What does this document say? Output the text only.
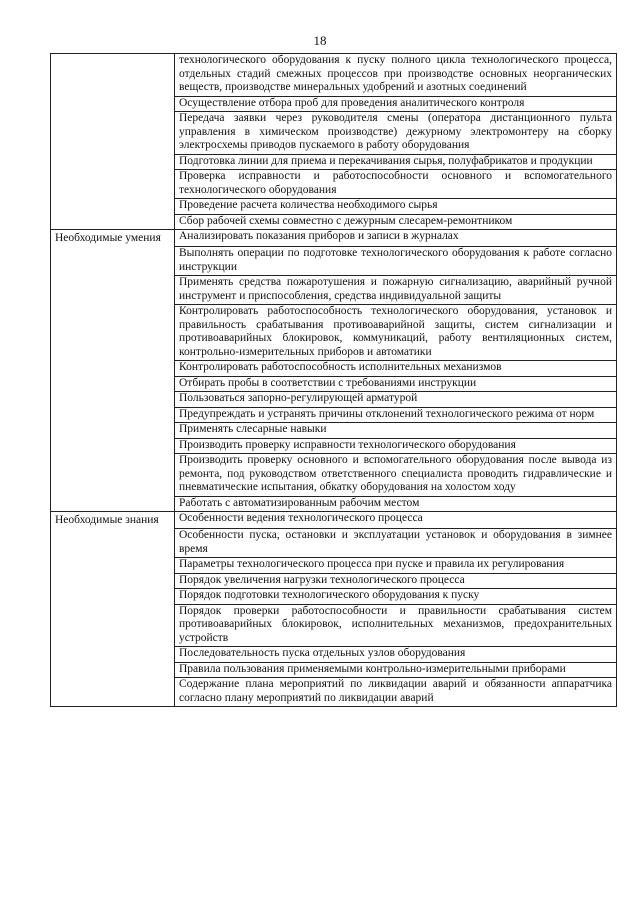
18
	технологического оборудования к пуску полного цикла технологического процесса, отдельных стадий смежных процессов при производстве основных неорганических веществ, производстве минеральных удобрений и азотных соединений
	Осуществление отбора проб для проведения аналитического контроля
	Передача заявки через руководителя смены (оператора дистанционного пульта управления в химическом производстве) дежурному электромонтеру на сборку электросхемы приводов пускаемого в работу оборудования
	Подготовка линии для приема и перекачивания сырья, полуфабрикатов и продукции
	Проверка исправности и работоспособности основного и вспомогательного технологического оборудования
	Проведение расчета количества необходимого сырья
	Сбор рабочей схемы совместно с дежурным слесарем-ремонтником
Необходимые умения	Анализировать показания приборов и записи в журналах
	Выполнять операции по подготовке технологического оборудования к работе согласно инструкции
	Применять средства пожаротушения и пожарную сигнализацию, аварийный ручной инструмент и приспособления, средства индивидуальной защиты
	Контролировать работоспособность технологического оборудования, установок и правильность срабатывания противоаварийной защиты, систем сигнализации и противоаварийных блокировок, коммуникаций, работу вентиляционных систем, контрольно-измерительных приборов и автоматики
	Контролировать работоспособность исполнительных механизмов
	Отбирать пробы в соответствии с требованиями инструкции
	Пользоваться запорно-регулирующей арматурой
	Предупреждать и устранять причины отклонений технологического режима от норм
	Применять слесарные навыки
	Производить проверку исправности технологического оборудования
	Производить проверку основного и вспомогательного оборудования после вывода из ремонта, под руководством ответственного специалиста проводить гидравлические и пневматические испытания, обкатку оборудования на холостом ходу
	Работать с автоматизированным рабочим местом
Необходимые знания	Особенности ведения технологического процесса
	Особенности пуска, остановки и эксплуатации установок и оборудования в зимнее время
	Параметры технологического процесса при пуске и правила их регулирования
	Порядок увеличения нагрузки технологического процесса
	Порядок подготовки технологического оборудования к пуску
	Порядок проверки работоспособности и правильности срабатывания систем противоаварийных блокировок, исполнительных механизмов, предохранительных устройств
	Последовательность пуска отдельных узлов оборудования
	Правила пользования применяемыми контрольно-измерительными приборами
	Содержание плана мероприятий по ликвидации аварий и обязанности аппаратчика согласно плану мероприятий по ликвидации аварий
